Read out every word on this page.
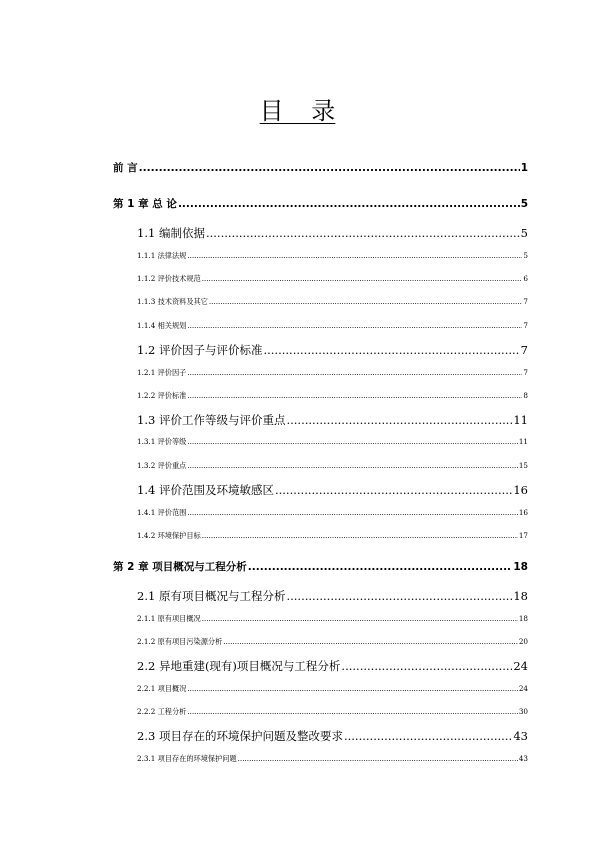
目 录
前 言 .....	1
第 1 章 总 论 .....	5
1.1 编制依据 .....	5
1.1.1 法律法规 .....	5
1.1.2 评价技术规范 .....	6
1.1.3 技术资料及其它 .....	7
1.1.4 相关规划 .....	7
1.2 评价因子与评价标准 .....	7
1.2.1 评价因子 .....	7
1.2.2 评价标准 .....	8
1.3 评价工作等级与评价重点 .....	11
1.3.1 评价等级 .....	11
1.3.2 评价重点 .....	15
1.4 评价范围及环境敏感区 .....	16
1.4.1 评价范围 .....	16
1.4.2 环境保护目标 .....	17
第 2 章 项目概况与工程分析 .....	18
2.1 原有项目概况与工程分析 .....	18
2.1.1 原有项目概况 .....	18
2.1.2 原有项目污染源分析 .....	20
2.2 异地重建(现有)项目概况与工程分析 .....	24
2.2.1 项目概况 .....	24
2.2.2 工程分析 .....	30
2.3 项目存在的环境保护问题及整改要求 .....	43
2.3.1 项目存在的环境保护问题 .....	43
